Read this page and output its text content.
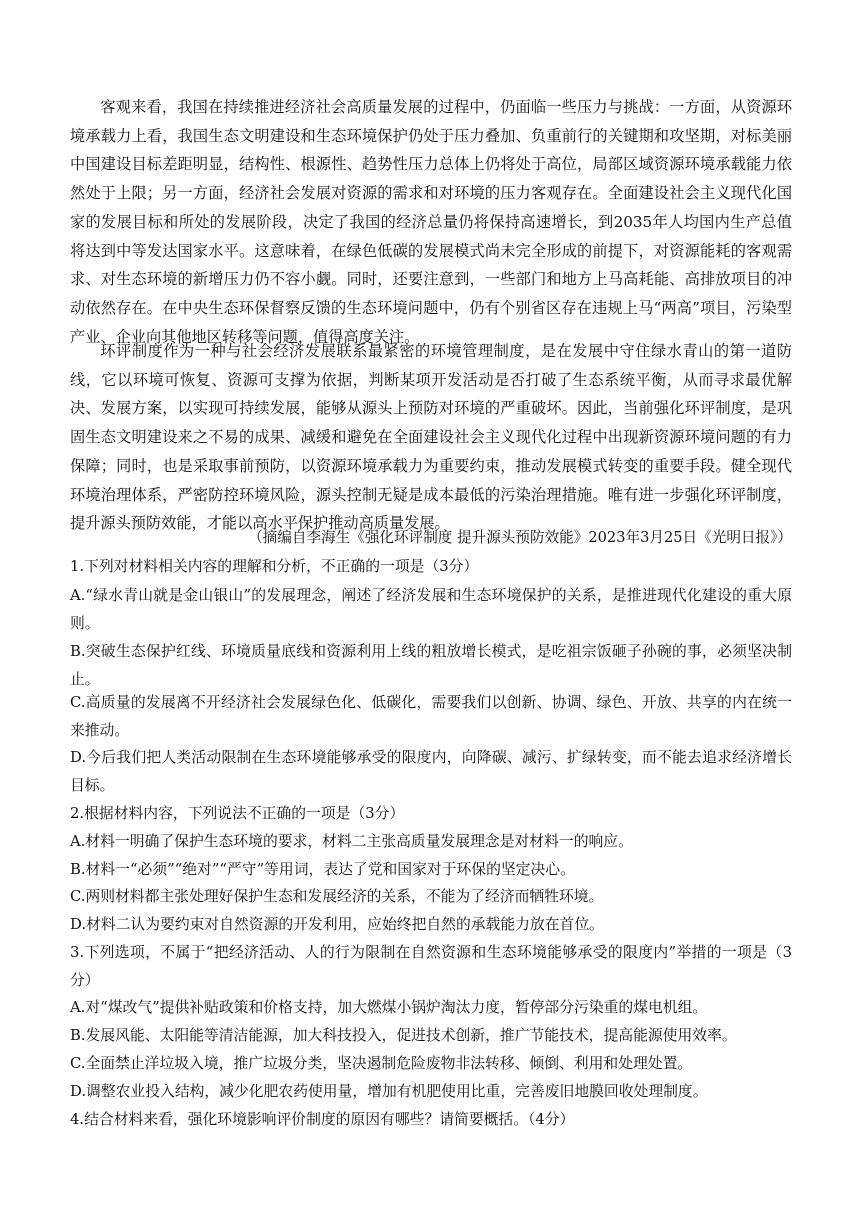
客观来看，我国在持续推进经济社会高质量发展的过程中，仍面临一些压力与挑战：一方面，从资源环境承载力上看，我国生态文明建设和生态环境保护仍处于压力叠加、负重前行的关键期和攻坚期，对标美丽中国建设目标差距明显，结构性、根源性、趋势性压力总体上仍将处于高位，局部区域资源环境承载能力依然处于上限；另一方面，经济社会发展对资源的需求和对环境的压力客观存在。全面建设社会主义现代化国家的发展目标和所处的发展阶段，决定了我国的经济总量仍将保持高速增长，到2035年人均国内生产总值将达到中等发达国家水平。这意味着，在绿色低碳的发展模式尚未完全形成的前提下，对资源能耗的客观需求、对生态环境的新增压力仍不容小觑。同时，还要注意到，一些部门和地方上马高耗能、高排放项目的冲动依然存在。在中央生态环保督察反馈的生态环境问题中，仍有个别省区存在违规上马“两高”项目，污染型产业、企业向其他地区转移等问题，值得高度关注。

环评制度作为一种与社会经济发展联系最紧密的环境管理制度，是在发展中守住绿水青山的第一道防线，它以环境可恢复、资源可支撑为依据，判断某项开发活动是否打破了生态系统平衡，从而寻求最优解决、发展方案，以实现可持续发展，能够从源头上预防对环境的严重破坏。因此，当前强化环评制度，是巩固生态文明建设来之不易的成果、减缓和避免在全面建设社会主义现代化过程中出现新资源环境问题的有力保障；同时，也是采取事前预防，以资源环境承载力为重要约束，推动发展模式转变的重要手段。健全现代环境治理体系，严密防控环境风险，源头控制无疑是成本最低的污染治理措施。唯有进一步强化环评制度，提升源头预防效能，才能以高水平保护推动高质量发展。

（摘编自李海生《强化环评制度 提升源头预防效能》2023年3月25日《光明日报》）
1.下列对材料相关内容的理解和分析，不正确的一项是（3分）
A.“绿水青山就是金山银山”的发展理念，阐述了经济发展和生态环境保护的关系，是推进现代化建设的重大原则。
B.突破生态保护红线、环境质量底线和资源利用上线的粗放增长模式，是吃祖宗饭砸子孙碗的事，必须坚决制止。
C.高质量的发展离不开经济社会发展绿色化、低碳化，需要我们以创新、协调、绿色、开放、共享的内在统一来推动。
D.今后我们把人类活动限制在生态环境能够承受的限度内，向降碳、减污、扩绿转变，而不能去追求经济增长目标。
2.根据材料内容，下列说法不正确的一项是（3分）
A.材料一明确了保护生态环境的要求，材料二主张高质量发展理念是对材料一的响应。
B.材料一“必须”“绝对”“严守”等用词，表达了党和国家对于环保的坚定决心。
C.两则材料都主张处理好保护生态和发展经济的关系，不能为了经济而牺牲环境。
D.材料二认为要约束对自然资源的开发利用，应始终把自然的承载能力放在首位。
3.下列选项，不属于“把经济活动、人的行为限制在自然资源和生态环境能够承受的限度内”举措的一项是（3分）
A.对“煤改气”提供补贴政策和价格支持，加大燃煤小锅炉淘汰力度，暂停部分污染重的煤电机组。
B.发展风能、太阳能等清洁能源，加大科技投入，促进技术创新，推广节能技术，提高能源使用效率。
C.全面禁止洋垃圾入境，推广垃圾分类，坚决遏制危险废物非法转移、倾倒、利用和处理处置。
D.调整农业投入结构，减少化肥农药使用量，增加有机肥使用比重，完善废旧地膜回收处理制度。
4.结合材料来看，强化环境影响评价制度的原因有哪些？请简要概括。（4分）
